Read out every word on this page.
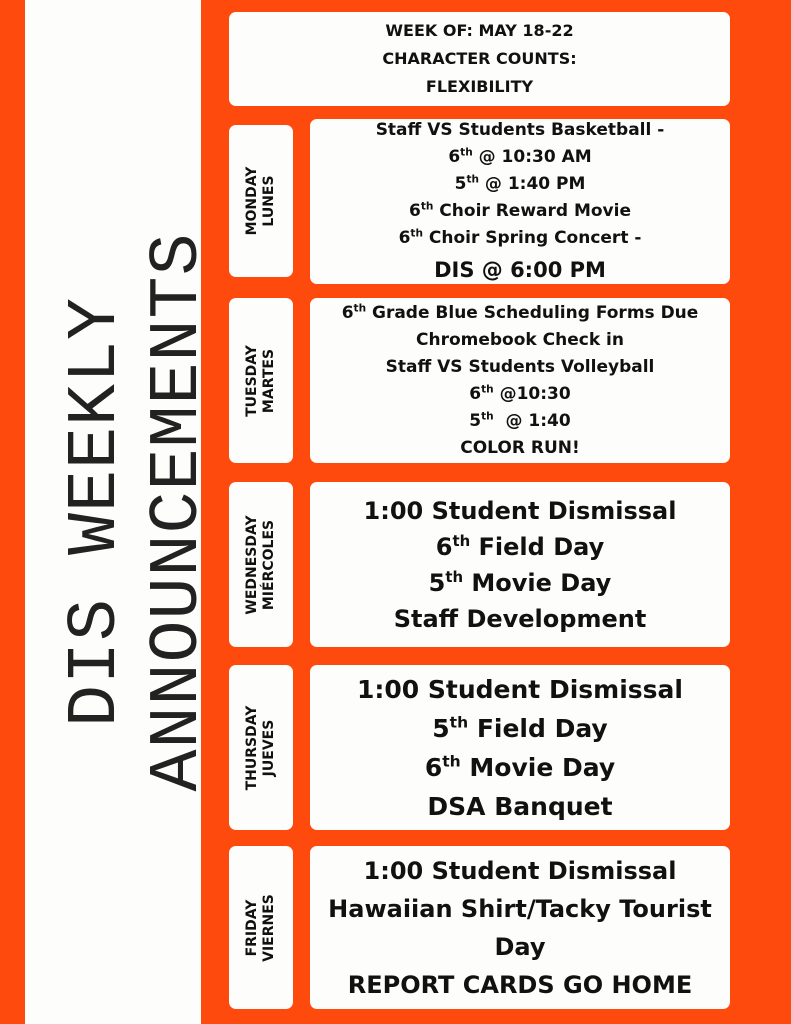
DIS WEEKLY ANNOUNCEMENTS
WEEK OF: MAY 18-22
CHARACTER COUNTS:
FLEXIBILITY
MONDAY LUNES
Staff VS Students Basketball -
6th @ 10:30 AM
5th @ 1:40 PM
6th Choir Reward Movie
6th Choir Spring Concert -
DIS @ 6:00 PM
TUESDAY MARTES
6th Grade Blue Scheduling Forms Due
Chromebook Check in
Staff VS Students Volleyball
6th @10:30
5th  @ 1:40
COLOR RUN!
WEDNESDAY MIÉRCOLES
1:00 Student Dismissal
6th Field Day
5th Movie Day
Staff Development
THURSDAY JUEVES
1:00 Student Dismissal
5th Field Day
6th Movie Day
DSA Banquet
FRIDAY VIERNES
1:00 Student Dismissal
Hawaiian Shirt/Tacky Tourist
Day
REPORT CARDS GO HOME
